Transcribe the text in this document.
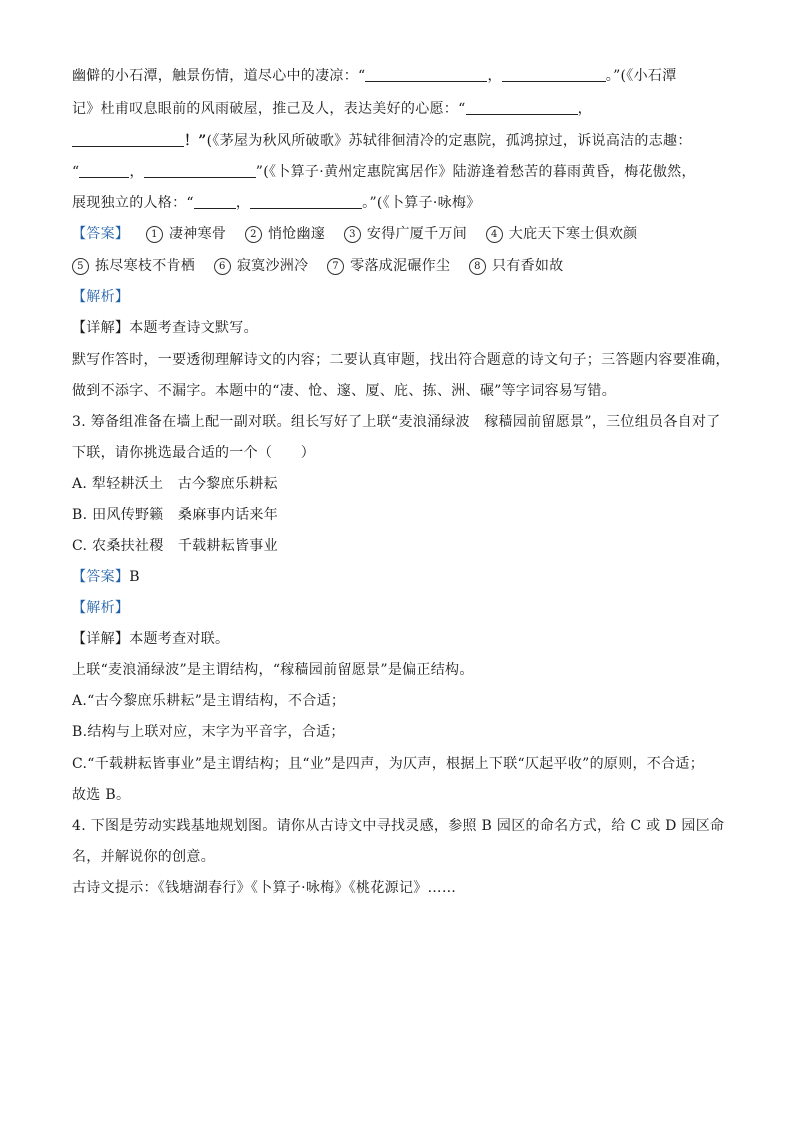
幽僻的小石潭，触景伤情，道尽心中的凄凉：“	，	。”(《小石潭
记》杜甫叹息眼前的风雨破屋，推己及人，表达美好的心愿：“	，
！”(《茅屋为秋风所破歌》苏轼徘徊清冷的定惠院，孤鸿掠过，诉说高洁的志趣：
“	，	”(《卜算子·黄州定惠院寓居作》陆游逢着愁苦的暮雨黄昏，梅花傲然，
展现独立的人格：“	，	。”(《卜算子·咏梅》
【答案】 1 凄神寒骨 2 悄怆幽邃 3 安得广厦千万间 4 大庇天下寒士俱欢颜
5 拣尽寒枝不肯栖 6 寂寞沙洲冷 7 零落成泥碾作尘 8 只有香如故
【解析】
【详解】本题考查诗文默写。
默写作答时，一要透彻理解诗文的内容；二要认真审题，找出符合题意的诗文句子；三答题内容要准确，
做到不添字、不漏字。本题中的“凄、怆、邃、厦、庇、拣、洲、碾”等字词容易写错。
3. 筹备组准备在墙上配一副对联。组长写好了上联“麦浪涌绿波　稼穑园前留愿景”，三位组员各自对了
下联，请你挑选最合适的一个（　　）
A. 犁轻耕沃土　古今黎庶乐耕耘
B. 田风传野籁　桑麻事内话来年
C. 农桑扶社稷　千载耕耘皆事业
【答案】B
【解析】
【详解】本题考查对联。
上联“麦浪涌绿波”是主谓结构，“稼穑园前留愿景”是偏正结构。
A.“古今黎庶乐耕耘”是主谓结构，不合适；
B.结构与上联对应，末字为平音字，合适；
C.“千载耕耘皆事业”是主谓结构；且“业”是四声，为仄声，根据上下联“仄起平收”的原则，不合适；
故选 B。
4. 下图是劳动实践基地规划图。请你从古诗文中寻找灵感，参照 B 园区的命名方式，给 C 或 D 园区命
名，并解说你的创意。
古诗文提示：《钱塘湖春行》《卜算子·咏梅》《桃花源记》……
